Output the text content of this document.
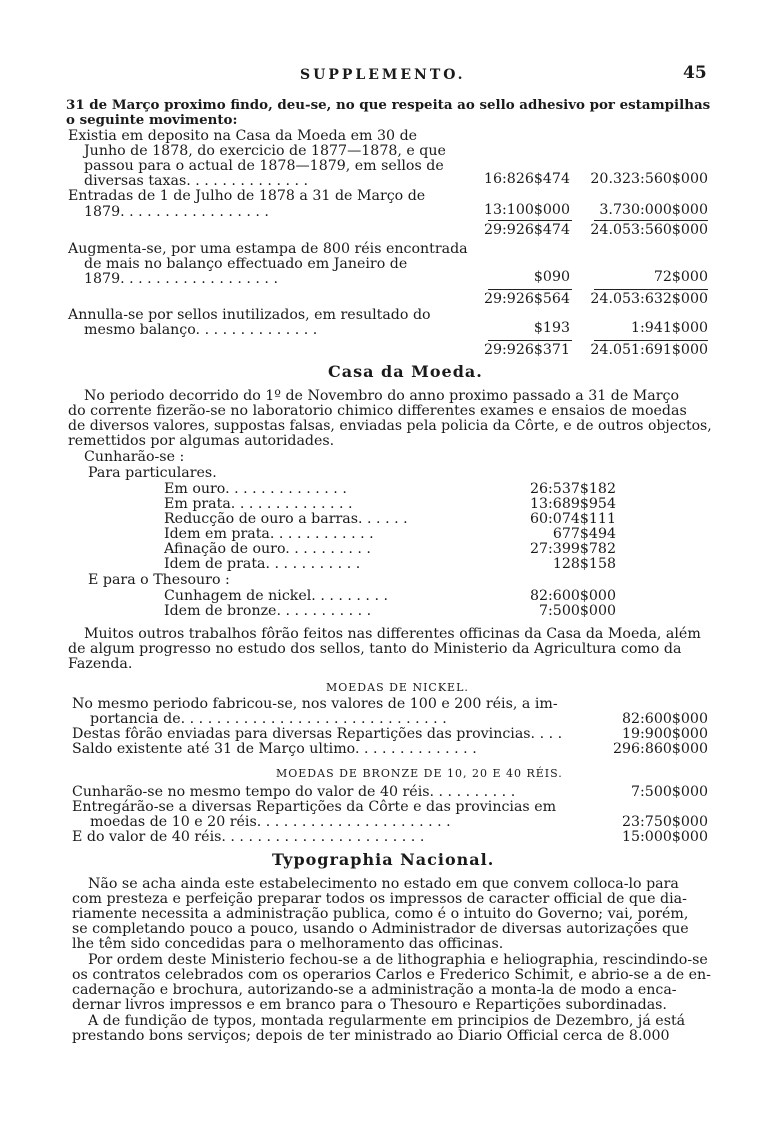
SUPPLEMENTO.	45
31 de Março proximo findo, deu-se, no que respeita ao sello adhesivo por estampilhas
o seguinte movimento:
Existia em deposito na Casa da Moeda em 30 de
Junho de 1878, do exercicio de 1877—1878, e que
passou para o actual de 1878—1879, em sellos de
diversas taxas. . . . . . . . . . . . . .	16:826$474 20.323:560$000
Entradas de 1 de Julho de 1878 a 31 de Março de
1879. . . . . . . . . . . . . . . . .	13:100$000 3.730:000$000
29:926$474 24.053:560$000
Augmenta-se, por uma estampa de 800 réis encontrada
de mais no balanço effectuado em Janeiro de
1879. . . . . . . . . . . . . . . . . .	$090	72$000
29:926$564 24.053:632$000
Annulla-se por sellos inutilizados, em resultado do
mesmo balanço. . . . . . . . . . . . . .	$193	1:941$000
29:926$371 24.051:691$000
Casa da Moeda.
No periodo decorrido do 1º de Novembro do anno proximo passado a 31 de Março
do corrente fizerão-se no laboratorio chimico differentes exames e ensaios de moedas
de diversos valores, suppostas falsas, enviadas pela policia da Côrte, e de outros objectos,
remettidos por algumas autoridades.
Cunharão-se :
Para particulares.
Em ouro. . . . . . . . . . . . . .	26:537$182
Em prata. . . . . . . . . . . . . .	13:689$954
Reducção de ouro a barras. . . . . .	60:074$111
Idem em prata. . . . . . . . . . . .	677$494
Afinação de ouro. . . . . . . . . .	27:399$782
Idem de prata. . . . . . . . . . .	128$158
E para o Thesouro :
Cunhagem de nickel. . . . . . . . .	82:600$000
Idem de bronze. . . . . . . . . . .	7:500$000
Muitos outros trabalhos fôrão feitos nas differentes officinas da Casa da Moeda, além
de algum progresso no estudo dos sellos, tanto do Ministerio da Agricultura como da
Fazenda.
MOEDAS DE NICKEL.
No mesmo periodo fabricou-se, nos valores de 100 e 200 réis, a im-
portancia de. . . . . . . . . . . . . . . . . . . . . . . . . . . . . .	82:600$000
Destas fôrão enviadas para diversas Repartições das provincias. . . .	19:900$000
Saldo existente até 31 de Março ultimo. . . . . . . . . . . . . .	296:860$000
MOEDAS DE BRONZE DE 10, 20 E 40 RÉIS.
Cunharão-se no mesmo tempo do valor de 40 réis. . . . . . . . . .	7:500$000
Entregárão-se a diversas Repartições da Côrte e das provincias em
moedas de 10 e 20 réis. . . . . . . . . . . . . . . . . . . . . .	23:750$000
E do valor de 40 réis. . . . . . . . . . . . . . . . . . . . . . .	15:000$000
Typographia Nacional.
Não se acha ainda este estabelecimento no estado em que convem colloca-lo para
com presteza e perfeição preparar todos os impressos de caracter official de que dia-
riamente necessita a administração publica, como é o intuito do Governo; vai, porém,
se completando pouco a pouco, usando o Administrador de diversas autorizações que
lhe têm sido concedidas para o melhoramento das officinas.
Por ordem deste Ministerio fechou-se a de lithographia e heliographia, rescindindo-se
os contratos celebrados com os operarios Carlos e Frederico Schimit, e abrio-se a de en-
cadernação e brochura, autorizando-se a administração a monta-la de modo a enca-
dernar livros impressos e em branco para o Thesouro e Repartições subordinadas.
A de fundição de typos, montada regularmente em principios de Dezembro, já está
prestando bons serviços; depois de ter ministrado ao Diario Official cerca de 8.000
